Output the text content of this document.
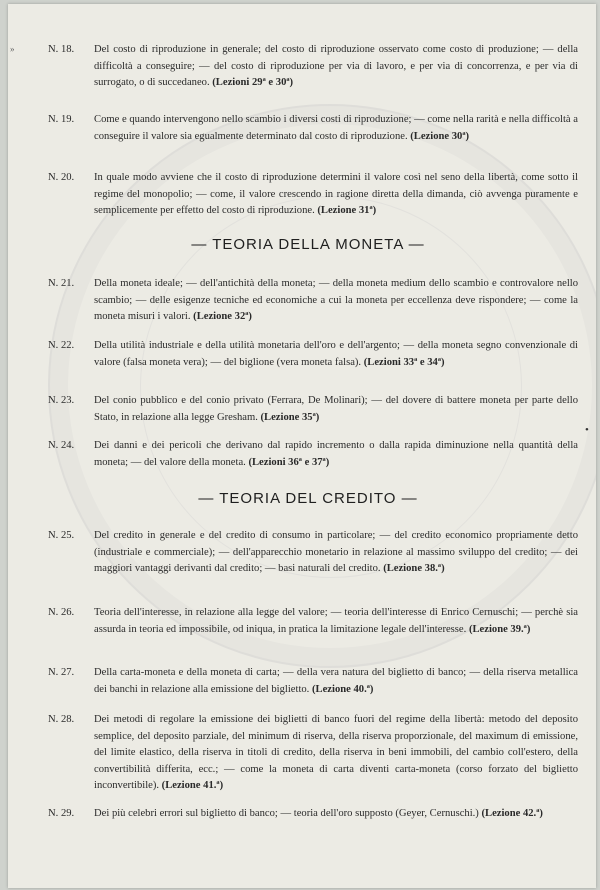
»	N. 18.	Del costo di riproduzione in generale; del costo di riproduzione osservato come costo di produzione; — della difficoltà a conseguire; — del costo di riproduzione per via di lavoro, e per via di concorrenza, e per via di surrogato, o di succedaneo. (Lezioni 29ª e 30ª)
N. 19.	Come e quando intervengono nello scambio i diversi costi di riproduzione; — come nella rarità e nella difficoltà a conseguire il valore sia egualmente determinato dal costo di riproduzione. (Lezione 30ª)
N. 20.	In quale modo avviene che il costo di riproduzione determini il valore così nel seno della libertà, come sotto il regime del monopolio; — come, il valore crescendo in ragione diretta della dimanda, ciò avvenga puramente e semplicemente per effetto del costo di riproduzione. (Lezione 31ª)
— TEORIA DELLA MONETA —
N. 21.	Della moneta ideale; — dell'antichità della moneta; — della moneta medium dello scambio e controvalore nello scambio; — delle esigenze tecniche ed economiche a cui la moneta per eccellenza deve rispondere; — come la moneta misuri i valori. (Lezione 32ª)
N. 22.	Della utilità industriale e della utilità monetaria dell'oro e dell'argento; — della moneta segno convenzionale di valore (falsa moneta vera); — del biglione (vera moneta falsa). (Lezioni 33ª e 34ª)
N. 23.	Del conio pubblico e del conio privato (Ferrara, De Molinari); — del dovere di battere moneta per parte dello Stato, in relazione alla legge Gresham. (Lezione 35ª)
N. 24.	Dei danni e dei pericoli che derivano dal rapido incremento o dalla rapida diminuzione nella quantità della moneta; — del valore della moneta. (Lezioni 36ª e 37ª)
— TEORIA DEL CREDITO —
N. 25.	Del credito in generale e del credito di consumo in particolare; — del credito economico propriamente detto (industriale e commerciale); — dell'apparecchio monetario in relazione al massimo sviluppo del credito; — dei maggiori vantaggi derivanti dal credito; — basi naturali del credito. (Lezione 38.ª)
N. 26.	Teoria dell'interesse, in relazione alla legge del valore; — teoria dell'interesse di Enrico Cernuschi; — perchè sia assurda in teoria ed impossibile, od iniqua, in pratica la limitazione legale dell'interesse. (Lezione 39.ª)
N. 27.	Della carta-moneta e della moneta di carta; — della vera natura del biglietto di banco; — della riserva metallica dei banchi in relazione alla emissione del biglietto. (Lezione 40.ª)
N. 28.	Dei metodi di regolare la emissione dei biglietti di banco fuori del regime della libertà: metodo del deposito semplice, del deposito parziale, del minimum di riserva, della riserva proporzionale, del maximum di emissione, del limite elastico, della riserva in titoli di credito, della riserva in beni immobili, del cambio coll'estero, della convertibilità differita, ecc.; — come la moneta di carta diventi carta-moneta (corso forzato del biglietto inconvertibile). (Lezione 41.ª)
N. 29.	Dei più celebri errori sul biglietto di banco; — teoria dell'oro supposto (Geyer, Cernuschi.) (Lezione 42.ª)
•
